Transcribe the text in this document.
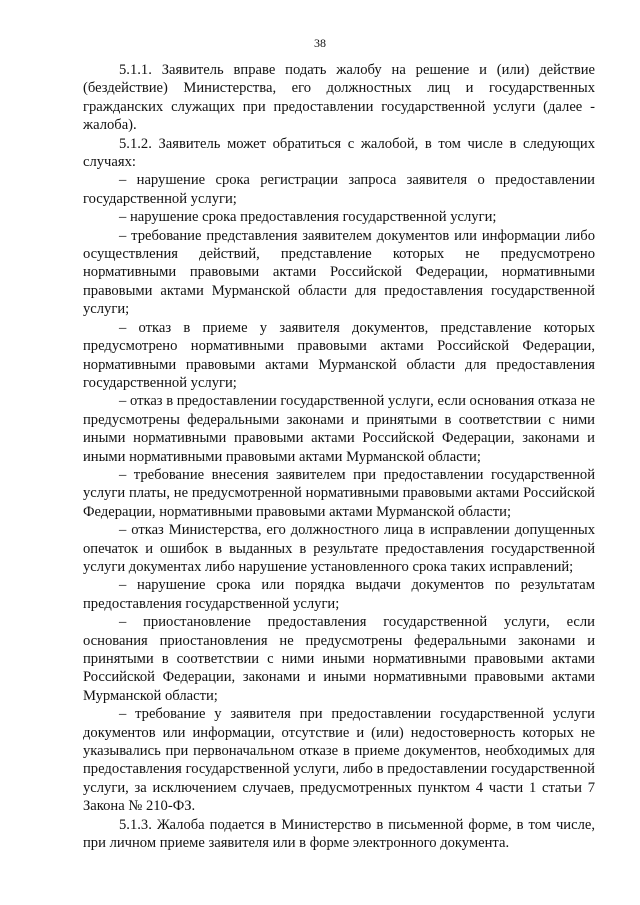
38

5.1.1. Заявитель вправе подать жалобу на решение и (или) действие (бездействие) Министерства, его должностных лиц и государственных гражданских служащих при предоставлении государственной услуги (далее - жалоба).

5.1.2. Заявитель может обратиться с жалобой, в том числе в следующих случаях:

– нарушение срока регистрации запроса заявителя о предоставлении государственной услуги;

– нарушение срока предоставления государственной услуги;

– требование представления заявителем документов или информации либо осуществления действий, представление которых не предусмотрено нормативными правовыми актами Российской Федерации, нормативными правовыми актами Мурманской области для предоставления государственной услуги;

– отказ в приеме у заявителя документов, представление которых предусмотрено нормативными правовыми актами Российской Федерации, нормативными правовыми актами Мурманской области для предоставления государственной услуги;

– отказ в предоставлении государственной услуги, если основания отказа не предусмотрены федеральными законами и принятыми в соответствии с ними иными нормативными правовыми актами Российской Федерации, законами и иными нормативными правовыми актами Мурманской области;

– требование внесения заявителем при предоставлении государственной услуги платы, не предусмотренной нормативными правовыми актами Российской Федерации, нормативными правовыми актами Мурманской области;

– отказ Министерства, его должностного лица в исправлении допущенных опечаток и ошибок в выданных в результате предоставления государственной услуги документах либо нарушение установленного срока таких исправлений;

– нарушение срока или порядка выдачи документов по результатам предоставления государственной услуги;

– приостановление предоставления государственной услуги, если основания приостановления не предусмотрены федеральными законами и принятыми в соответствии с ними иными нормативными правовыми актами Российской Федерации, законами и иными нормативными правовыми актами Мурманской области;

– требование у заявителя при предоставлении государственной услуги документов или информации, отсутствие и (или) недостоверность которых не указывались при первоначальном отказе в приеме документов, необходимых для предоставления государственной услуги, либо в предоставлении государственной услуги, за исключением случаев, предусмотренных пунктом 4 части 1 статьи 7 Закона № 210-ФЗ.

5.1.3. Жалоба подается в Министерство в письменной форме, в том числе, при личном приеме заявителя или в форме электронного документа.
